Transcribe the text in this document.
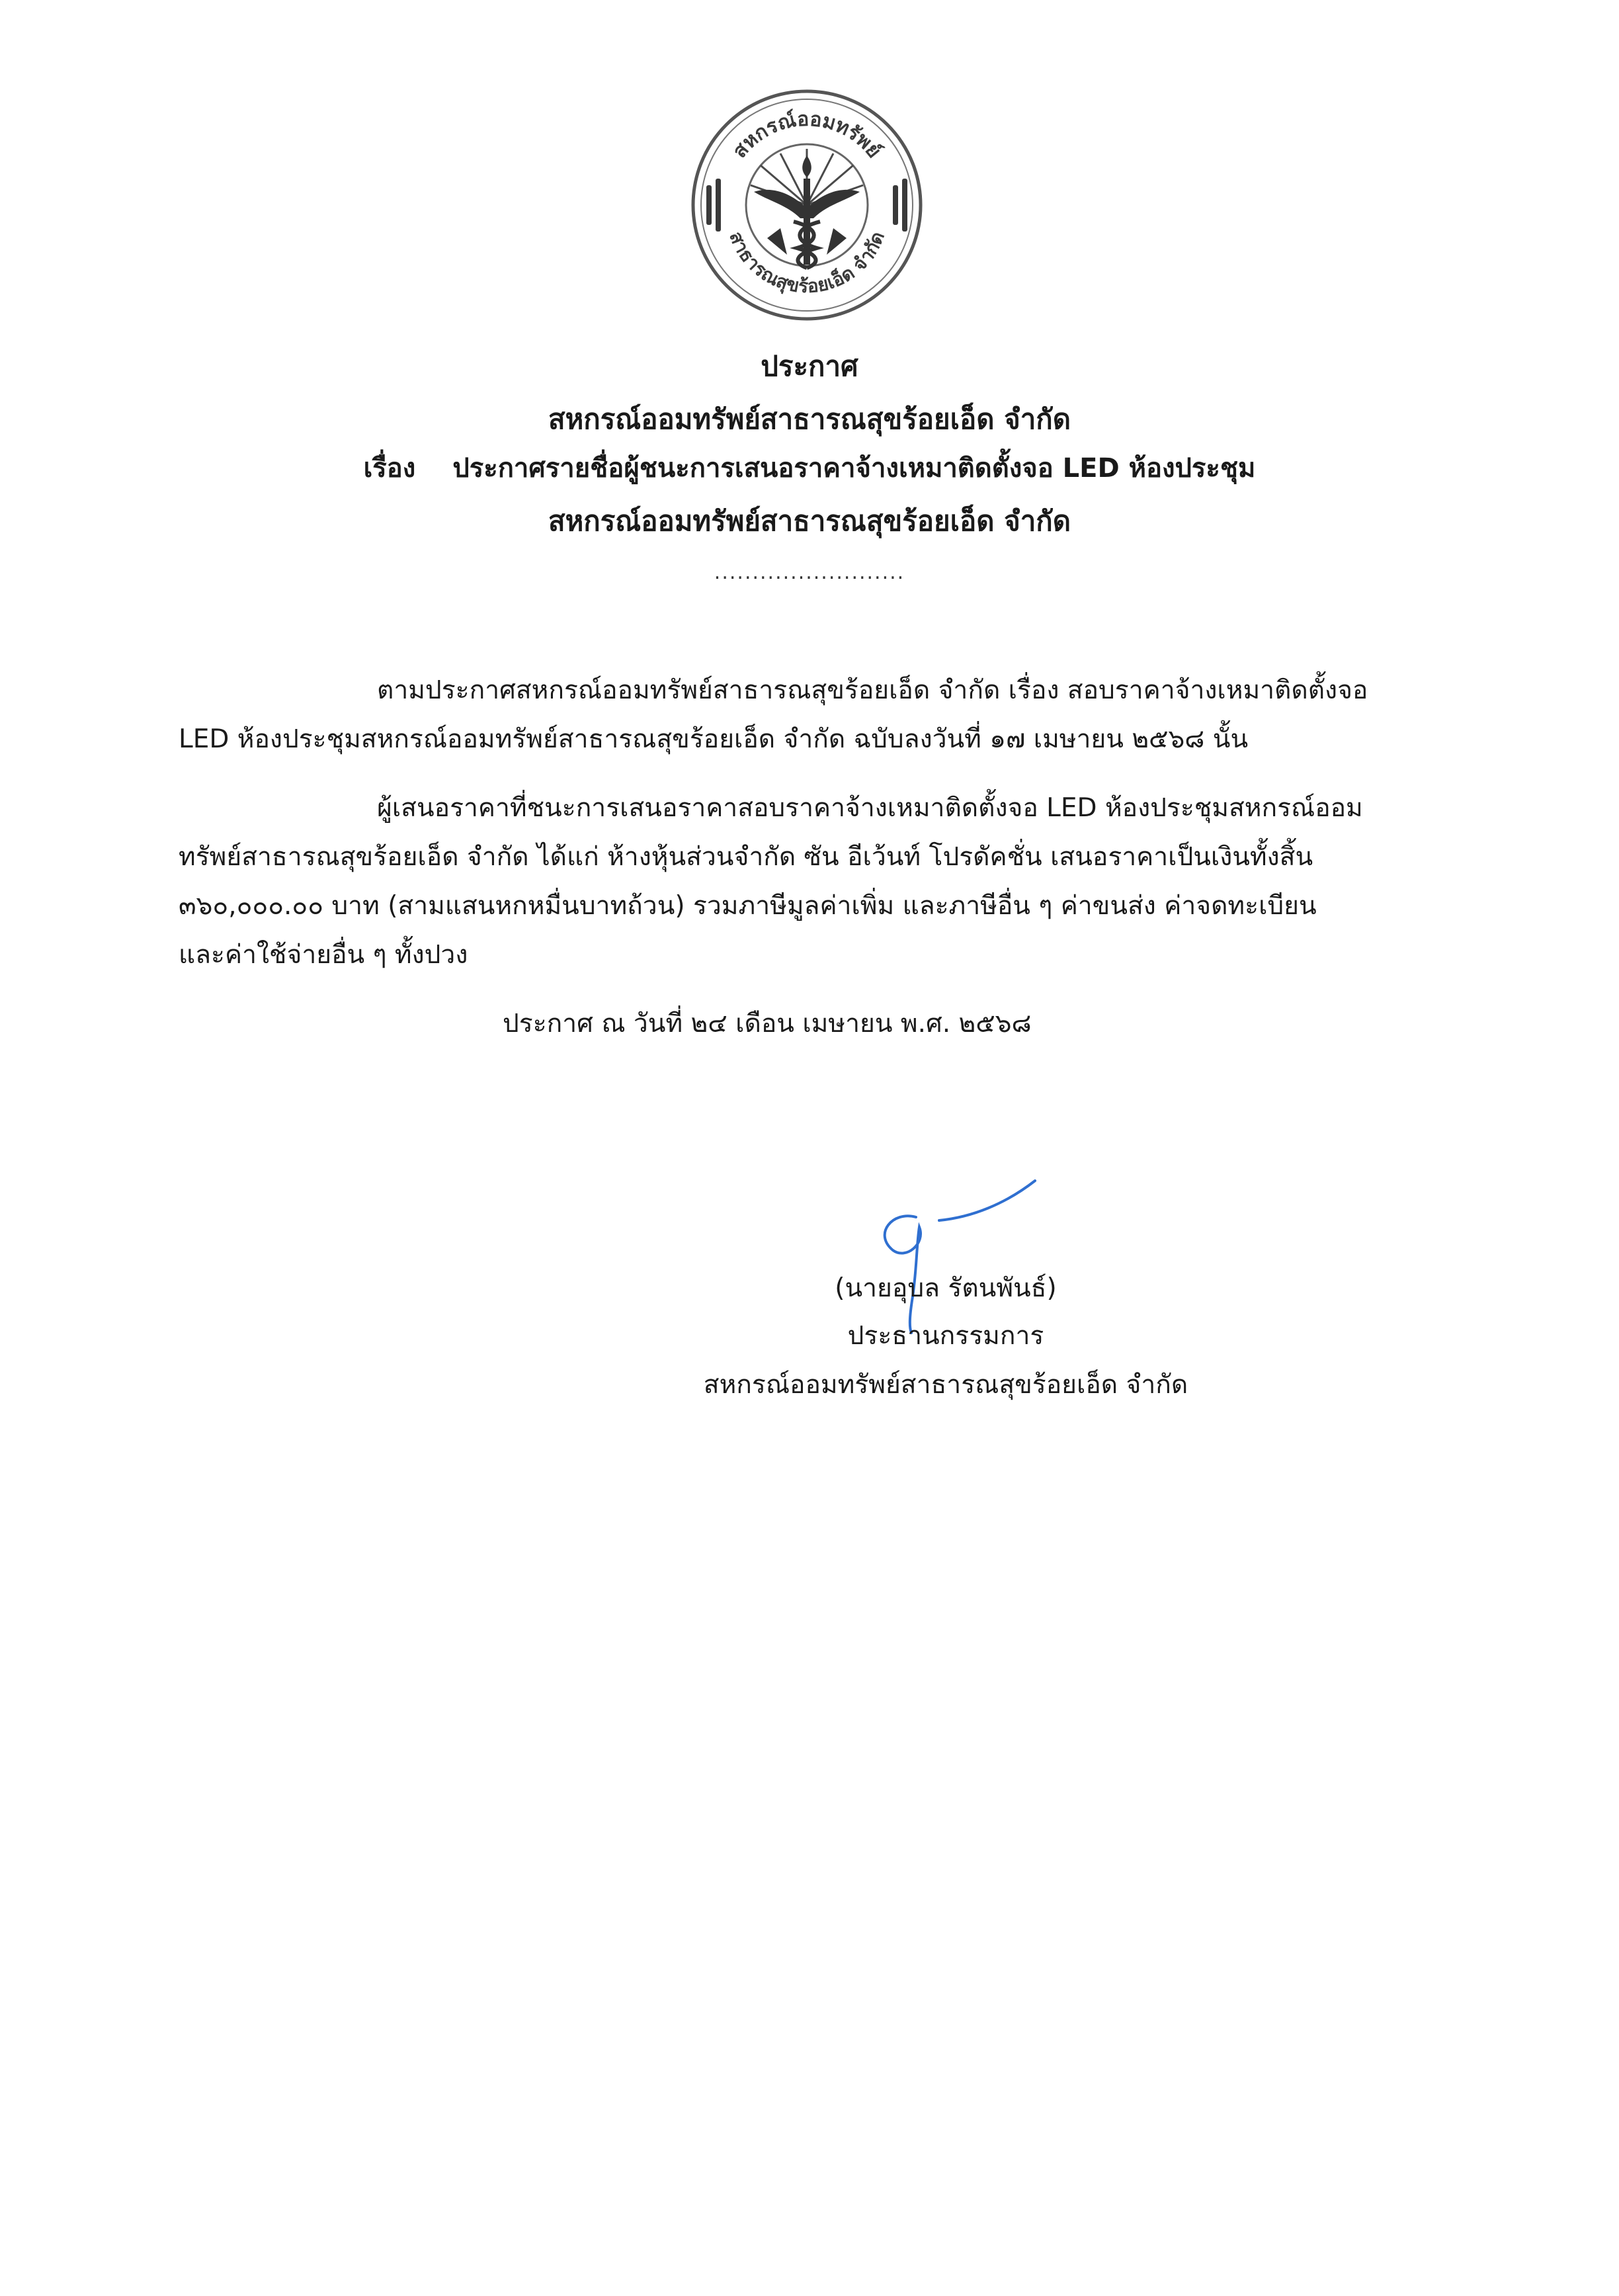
สหกรณ์ออมทรัพย์
สาธารณสุขร้อยเอ็ด จำกัด
ประกาศ
สหกรณ์ออมทรัพย์สาธารณสุขร้อยเอ็ด จำกัด
เรื่อง ประกาศรายชื่อผู้ชนะการเสนอราคาจ้างเหมาติดตั้งจอ LED ห้องประชุม
สหกรณ์ออมทรัพย์สาธารณสุขร้อยเอ็ด จำกัด
.........................
ตามประกาศสหกรณ์ออมทรัพย์สาธารณสุขร้อยเอ็ด จำกัด เรื่อง สอบราคาจ้างเหมาติดตั้งจอ
LED ห้องประชุมสหกรณ์ออมทรัพย์สาธารณสุขร้อยเอ็ด จำกัด ฉบับลงวันที่ ๑๗ เมษายน ๒๕๖๘ นั้น
ผู้เสนอราคาที่ชนะการเสนอราคาสอบราคาจ้างเหมาติดตั้งจอ LED ห้องประชุมสหกรณ์ออม
ทรัพย์สาธารณสุขร้อยเอ็ด จำกัด ได้แก่ ห้างหุ้นส่วนจำกัด ซัน อีเว้นท์ โปรดัคชั่น เสนอราคาเป็นเงินทั้งสิ้น
๓๖๐,๐๐๐.๐๐ บาท (สามแสนหกหมื่นบาทถ้วน) รวมภาษีมูลค่าเพิ่ม และภาษีอื่น ๆ ค่าขนส่ง ค่าจดทะเบียน
และค่าใช้จ่ายอื่น ๆ ทั้งปวง
ประกาศ ณ วันที่ ๒๔ เดือน เมษายน พ.ศ. ๒๕๖๘
(นายอุบล รัตนพันธ์)
ประธานกรรมการ
สหกรณ์ออมทรัพย์สาธารณสุขร้อยเอ็ด จำกัด
